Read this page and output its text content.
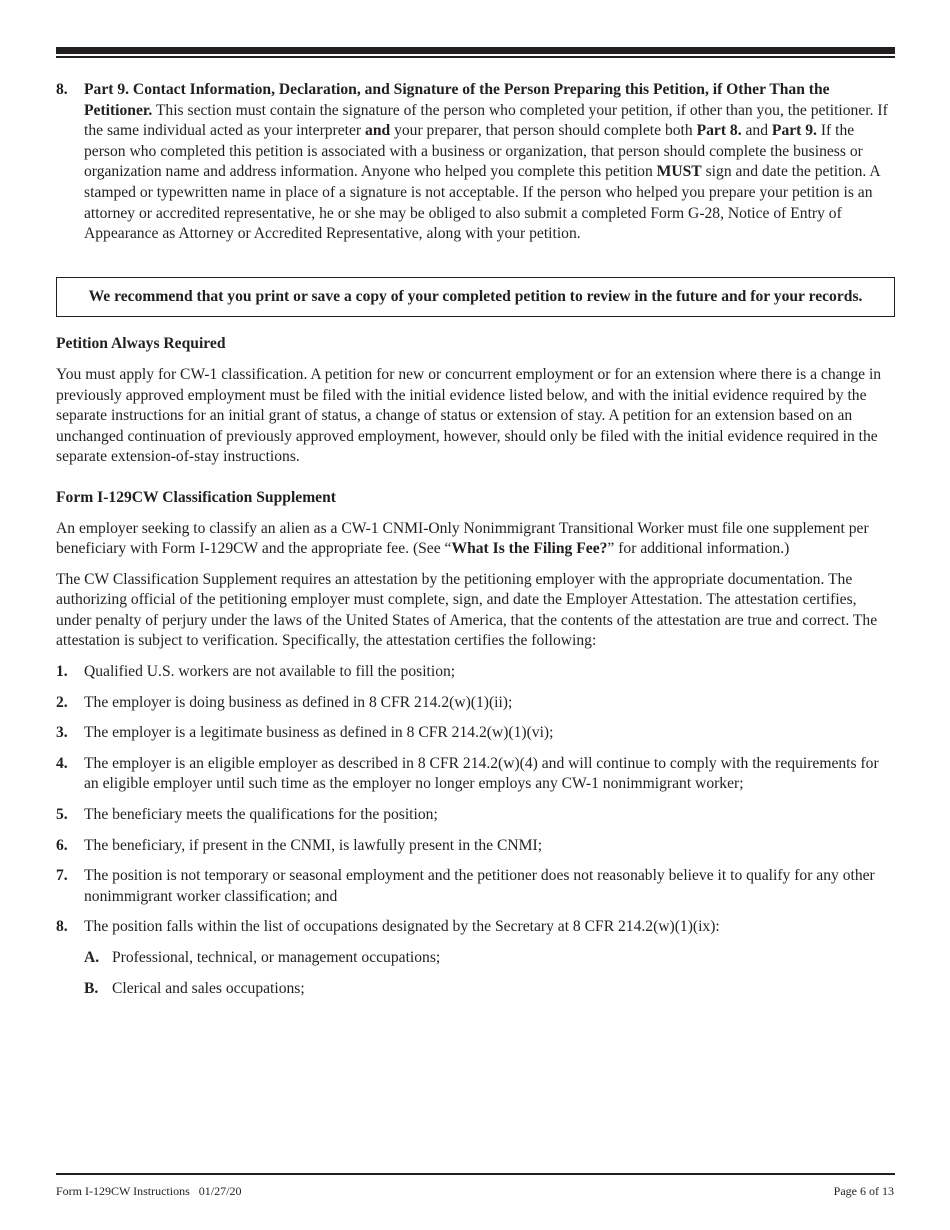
8. Part 9. Contact Information, Declaration, and Signature of the Person Preparing this Petition, if Other Than the Petitioner. This section must contain the signature of the person who completed your petition, if other than you, the petitioner. If the same individual acted as your interpreter and your preparer, that person should complete both Part 8. and Part 9. If the person who completed this petition is associated with a business or organization, that person should complete the business or organization name and address information. Anyone who helped you complete this petition MUST sign and date the petition. A stamped or typewritten name in place of a signature is not acceptable. If the person who helped you prepare your petition is an attorney or accredited representative, he or she may be obliged to also submit a completed Form G-28, Notice of Entry of Appearance as Attorney or Accredited Representative, along with your petition.
We recommend that you print or save a copy of your completed petition to review in the future and for your records.
Petition Always Required

You must apply for CW-1 classification. A petition for new or concurrent employment or for an extension where there is a change in previously approved employment must be filed with the initial evidence listed below, and with the initial evidence required by the separate instructions for an initial grant of status, a change of status or extension of stay. A petition for an extension based on an unchanged continuation of previously approved employment, however, should only be filed with the initial evidence required in the separate extension-of-stay instructions.

Form I-129CW Classification Supplement

An employer seeking to classify an alien as a CW-1 CNMI-Only Nonimmigrant Transitional Worker must file one supplement per beneficiary with Form I-129CW and the appropriate fee. (See “What Is the Filing Fee?” for additional information.)

The CW Classification Supplement requires an attestation by the petitioning employer with the appropriate documentation. The authorizing official of the petitioning employer must complete, sign, and date the Employer Attestation. The attestation certifies, under penalty of perjury under the laws of the United States of America, that the contents of the attestation are true and correct. The attestation is subject to verification. Specifically, the attestation certifies the following:

1. Qualified U.S. workers are not available to fill the position;
2. The employer is doing business as defined in 8 CFR 214.2(w)(1)(ii);
3. The employer is a legitimate business as defined in 8 CFR 214.2(w)(1)(vi);
4. The employer is an eligible employer as described in 8 CFR 214.2(w)(4) and will continue to comply with the requirements for an eligible employer until such time as the employer no longer employs any CW-1 nonimmigrant worker;
5. The beneficiary meets the qualifications for the position;
6. The beneficiary, if present in the CNMI, is lawfully present in the CNMI;
7. The position is not temporary or seasonal employment and the petitioner does not reasonably believe it to qualify for any other nonimmigrant worker classification; and
8. The position falls within the list of occupations designated by the Secretary at 8 CFR 214.2(w)(1)(ix):
A. Professional, technical, or management occupations;
B. Clerical and sales occupations;
Form I-129CW Instructions   01/27/20	Page 6 of 13
